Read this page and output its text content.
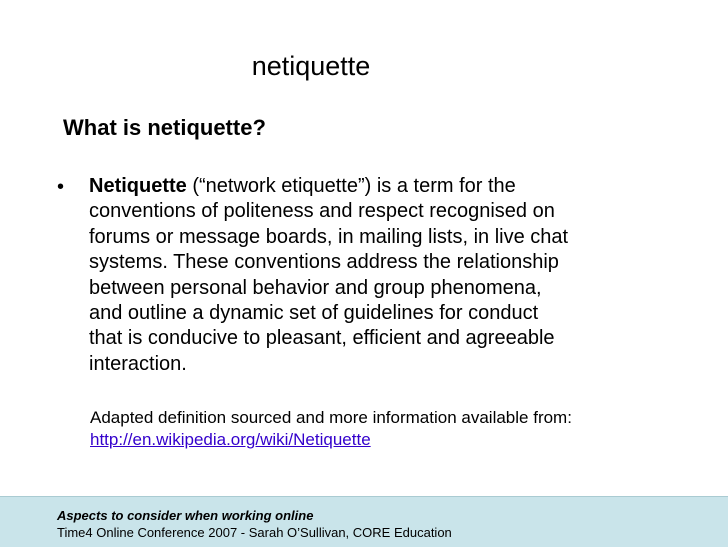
netiquette
What is netiquette?
•	Netiquette (“network etiquette”) is a term for the
conventions of politeness and respect recognised on
forums or message boards, in mailing lists, in live chat
systems. These conventions address the relationship
between personal behavior and group phenomena,
and outline a dynamic set of guidelines for conduct
that is conducive to pleasant, efficient and agreeable
interaction.
Adapted definition sourced and more information available from:
http://en.wikipedia.org/wiki/Netiquette
Aspects to consider when working online
Time4 Online Conference 2007 - Sarah O’Sullivan, CORE Education
